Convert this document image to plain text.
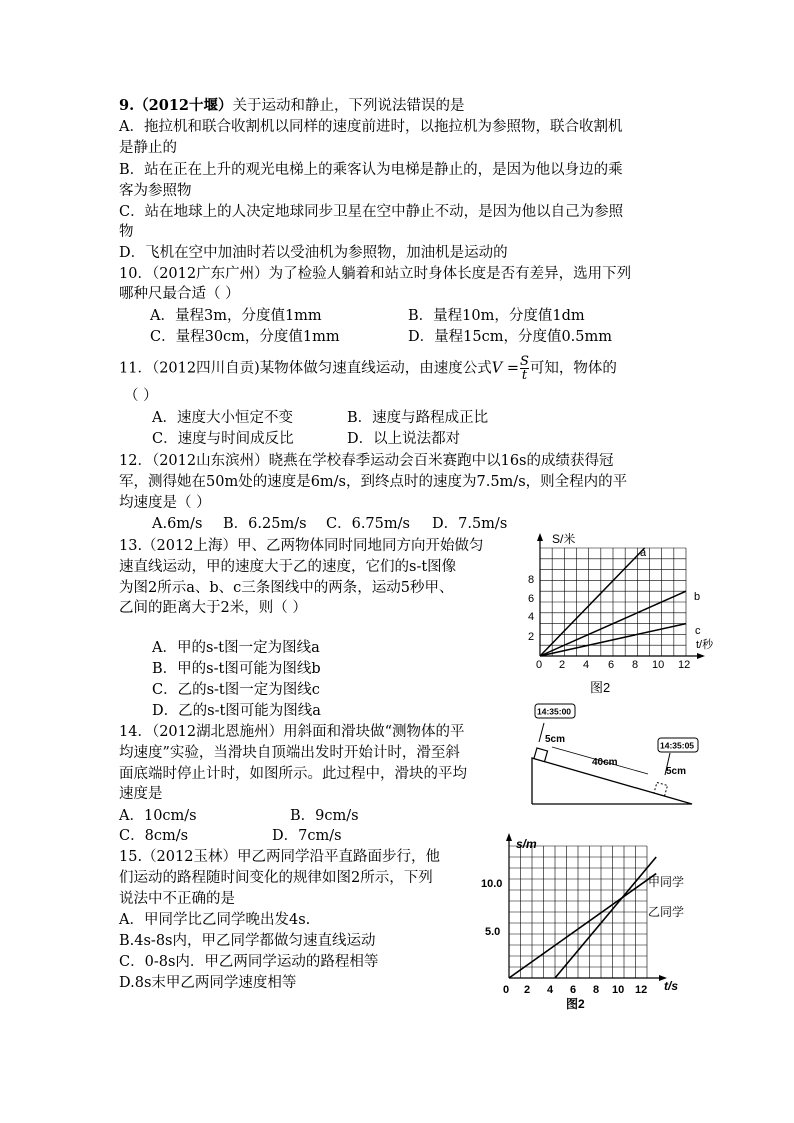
9.（2012十堰）关于运动和静止，下列说法错误的是
A．拖拉机和联合收割机以同样的速度前进时，以拖拉机为参照物，联合收割机
是静止的
B．站在正在上升的观光电梯上的乘客认为电梯是静止的，是因为他以身边的乘
客为参照物
C．站在地球上的人决定地球同步卫星在空中静止不动，是因为他以自己为参照
物
D．飞机在空中加油时若以受油机为参照物，加油机是运动的
10．（2012广东广州）为了检验人躺着和站立时身体长度是否有差异，选用下列
哪种尺最合适（ ）
A．量程3m，分度值1mm	B．量程10m，分度值1dm
C．量程30cm，分度值1mm	D．量程15cm，分度值0.5mm
11．（2012四川自贡)某物体做匀速直线运动，由速度公式$V = \frac{S}{t}$ 可知，物体的
（ ）
A．速度大小恒定不变	B．速度与路程成正比
C．速度与时间成反比	D．以上说法都对
12．（2012山东滨州）晓燕在学校春季运动会百米赛跑中以16s的成绩获得冠
军，测得她在50m处的速度是6m/s，到终点时的速度为7.5m/s，则全程内的平
均速度是（ ）
A.6m/s B．6.25m/s C．6.75m/s D．7.5m/s
13.（2012上海）甲、乙两物体同时同地同方向开始做匀
速直线运动，甲的速度大于乙的速度，它们的s-t图像
为图2所示a、b、c三条图线中的两条，运动5秒甲、
乙间的距离大于2米，则（ ）
A．甲的s-t图一定为图线a
B．甲的s-t图可能为图线b
C．乙的s-t图一定为图线c
D．乙的s-t图可能为图线a
14．（2012湖北恩施州）用斜面和滑块做“测物体的平
均速度”实验，当滑块自顶端出发时开始计时，滑至斜
面底端时停止计时，如图所示。此过程中，滑块的平均
速度是
A．10cm/s	B．9cm/s
C．8cm/s	D．7cm/s
15.（2012玉林）甲乙两同学沿平直路面步行，他
们运动的路程随时间变化的规律如图2所示，下列
说法中不正确的是
A．甲同学比乙同学晚出发4s.
B.4s-8s内，甲乙同学都做匀速直线运动
C．0-8s内．甲乙两同学运动的路程相等
D.8s末甲乙两同学速度相等
S/米
t/秒
图2
8
6
4
2
0 2 4 6 8 10 12
a
b
c
14:35:00
14:35:05
5cm
40cm
5cm
s/m
t/s
图2
10.0
5.0
0 2 4 6 8 10 12
甲同学
乙同学
